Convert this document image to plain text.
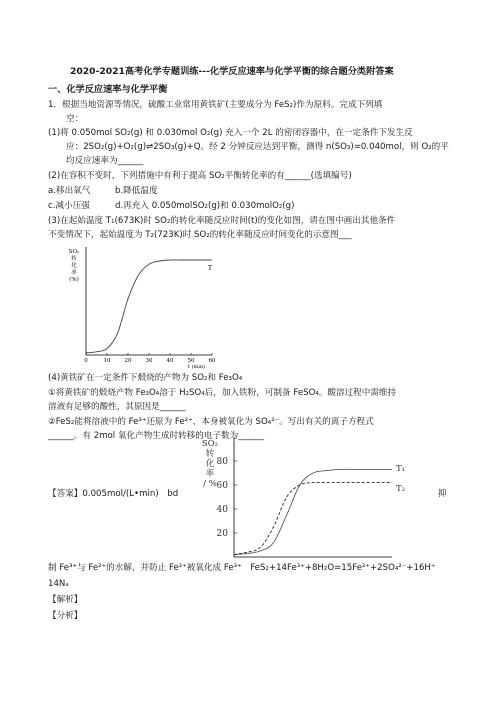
2020-2021高考化学专题训练---化学反应速率与化学平衡的综合题分类附答案
一、化学反应速率与化学平衡
1．根据当地资源等情况，硫酸工业常用黄铁矿(主要成分为 FeS₂)作为原料。完成下列填
空：
(1)将 0.050mol SO₂(g) 和 0.030mol O₂(g) 充入一个 2L 的密闭容器中，在一定条件下发生反
应：2SO₂(g)+O₂(g)⇌2SO₃(g)+Q。经 2 分钟反应达到平衡，测得 n(SO₃)=0.040mol，则 O₂的平
均反应速率为______
(2)在容积不变时，下列措施中有利于提高 SO₂平衡转化率的有______(选填编号)
a.移出氧气	b.降低温度
c.减小压强	d.再充入 0.050molSO₂(g)和 0.030molO₂(g)
(3)在起始温度 T₁(673K)时 SO₂的转化率随反应时间(t)的变化如图，请在图中画出其他条件
不变情况下，起始温度为 T₂(723K)时 SO₂的转化率随反应时间变化的示意图___
SO₂
转
化
率
(%)
0	10	20	30	40	50	60
T
t (min)
(4)黄铁矿在一定条件下煅烧的产物为 SO₂和 Fe₃O₄
①将黄铁矿的煅烧产物 Fe₃O₄溶于 H₂SO₄后，加入铁粉，可制备 FeSO₄。酸溶过程中需维持
溶液有足够的酸性，其原因是______
②FeS₂能将溶液中的 Fe³⁺还原为 Fe²⁺，本身被氧化为 SO₄²⁻。写出有关的离子方程式
______。有 2mol 氧化产物生成时转移的电子数为______
SO₂
转
化
率
/ %
20
40
60
80
T₁
T₂
【答案】0.005mol/(L•min)　bd	抑
制 Fe³⁺与 Fe²⁺的水解，并防止 Fe²⁺被氧化成 Fe³⁺　FeS₂+14Fe³⁺+8H₂O=15Fe²⁺+2SO₄²⁻+16H⁺
14Nₐ
【解析】
【分析】
